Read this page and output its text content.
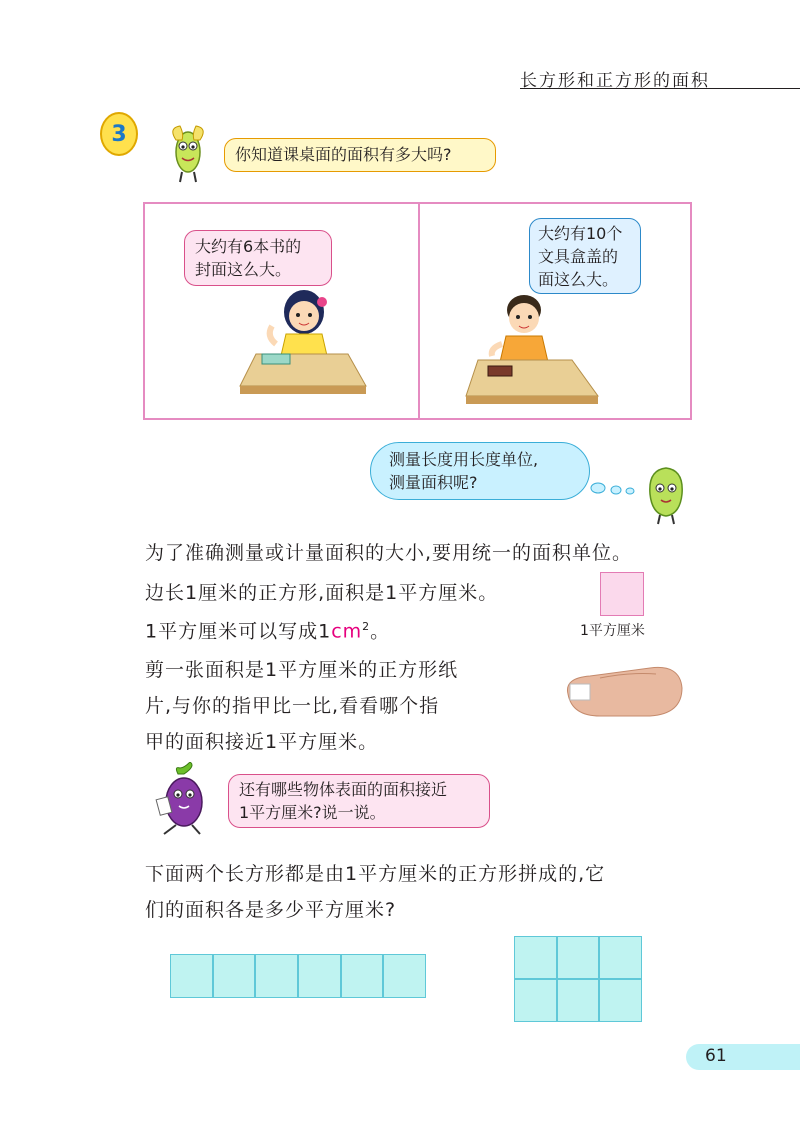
长方形和正方形的面积
3
你知道课桌面的面积有多大吗?
大约有6本书的
封面这么大。
大约有10个
文具盒盖的
面这么大。
测量长度用长度单位,
测量面积呢?
为了准确测量或计量面积的大小,要用统一的面积单位。
边长1厘米的正方形,面积是1平方厘米。
1平方厘米可以写成$1cm^2$。	1平方厘米
剪一张面积是1平方厘米的正方形纸
片,与你的指甲比一比,看看哪个指
甲的面积接近1平方厘米。
还有哪些物体表面的面积接近
1平方厘米?说一说。
下面两个长方形都是由1平方厘米的正方形拼成的,它
们的面积各是多少平方厘米?
61
